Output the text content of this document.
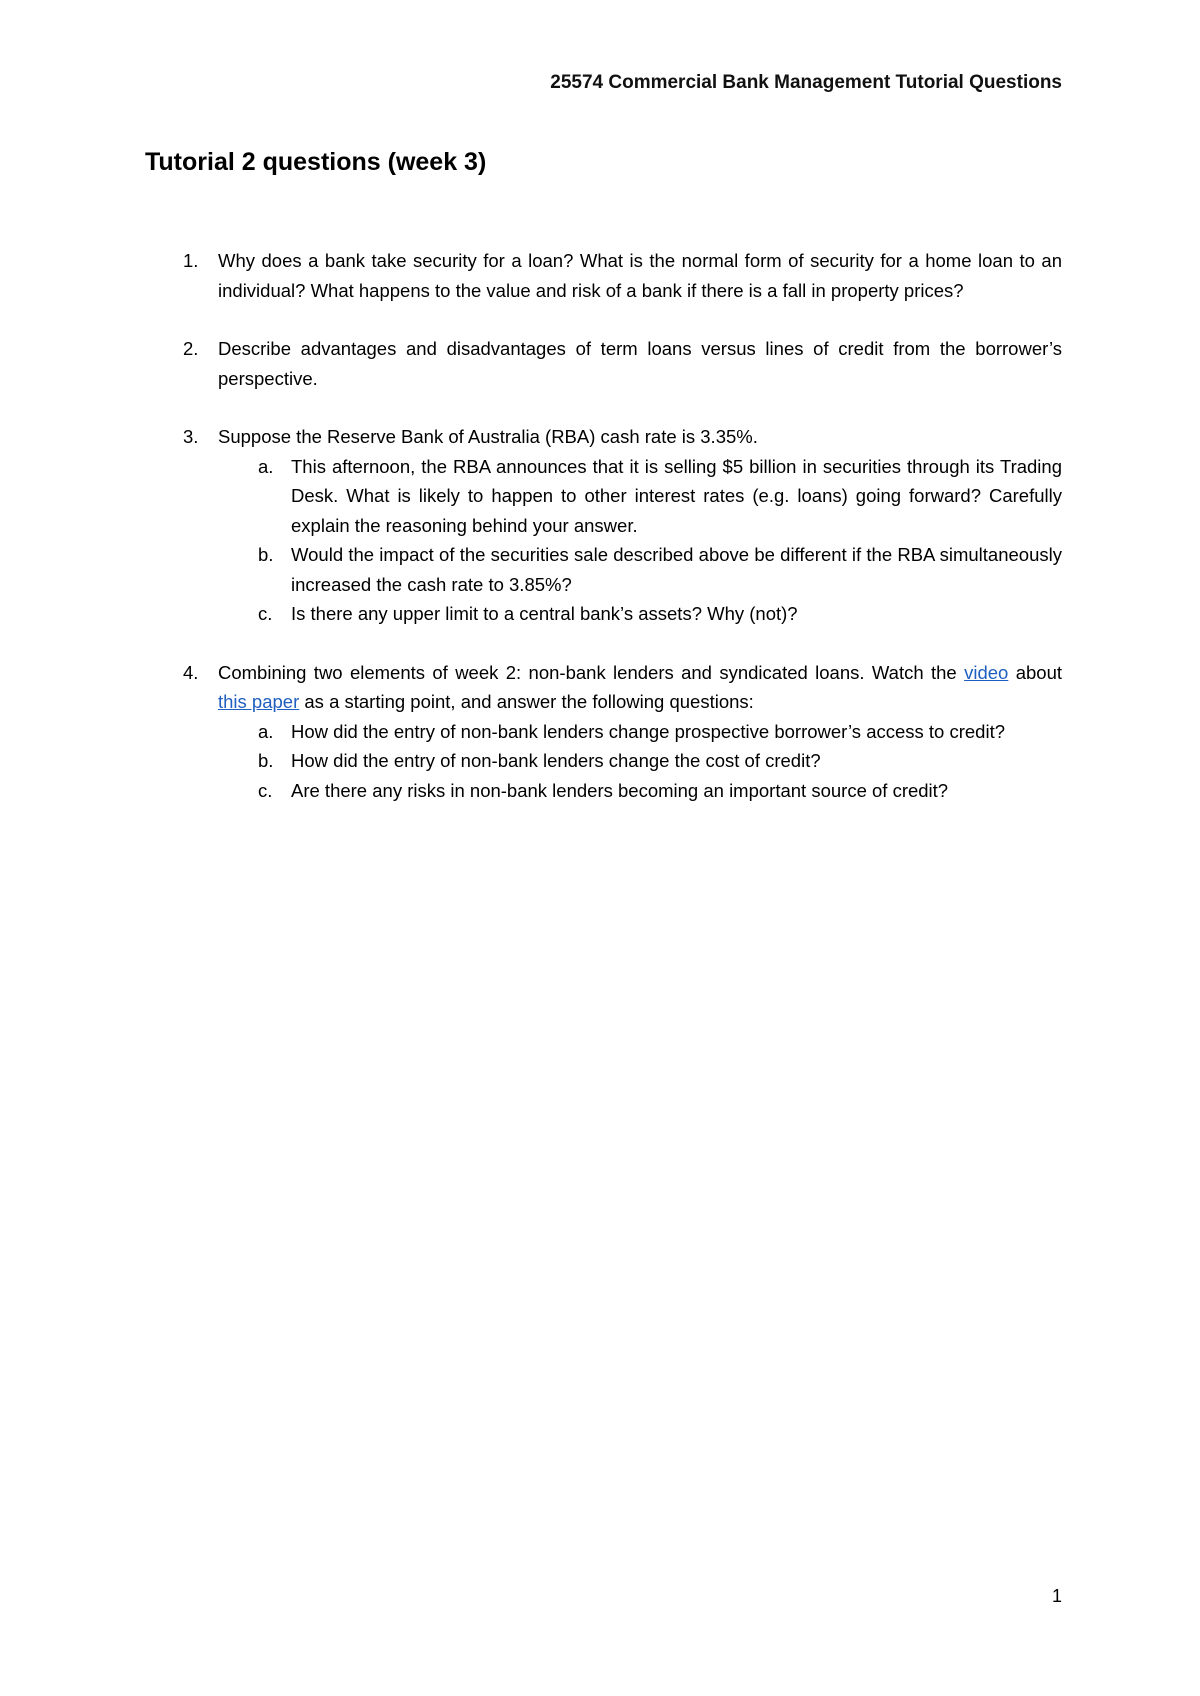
25574 Commercial Bank Management Tutorial Questions
Tutorial 2 questions (week 3)
1. Why does a bank take security for a loan? What is the normal form of security for a home loan to an individual? What happens to the value and risk of a bank if there is a fall in property prices?
2. Describe advantages and disadvantages of term loans versus lines of credit from the borrower’s perspective.
3. Suppose the Reserve Bank of Australia (RBA) cash rate is 3.35%.
a. This afternoon, the RBA announces that it is selling $5 billion in securities through its Trading Desk. What is likely to happen to other interest rates (e.g. loans) going forward? Carefully explain the reasoning behind your answer.
b. Would the impact of the securities sale described above be different if the RBA simultaneously increased the cash rate to 3.85%?
c. Is there any upper limit to a central bank’s assets? Why (not)?
4. Combining two elements of week 2: non-bank lenders and syndicated loans. Watch the video about this paper as a starting point, and answer the following questions:
a. How did the entry of non-bank lenders change prospective borrower’s access to credit?
b. How did the entry of non-bank lenders change the cost of credit?
c. Are there any risks in non-bank lenders becoming an important source of credit?
1
